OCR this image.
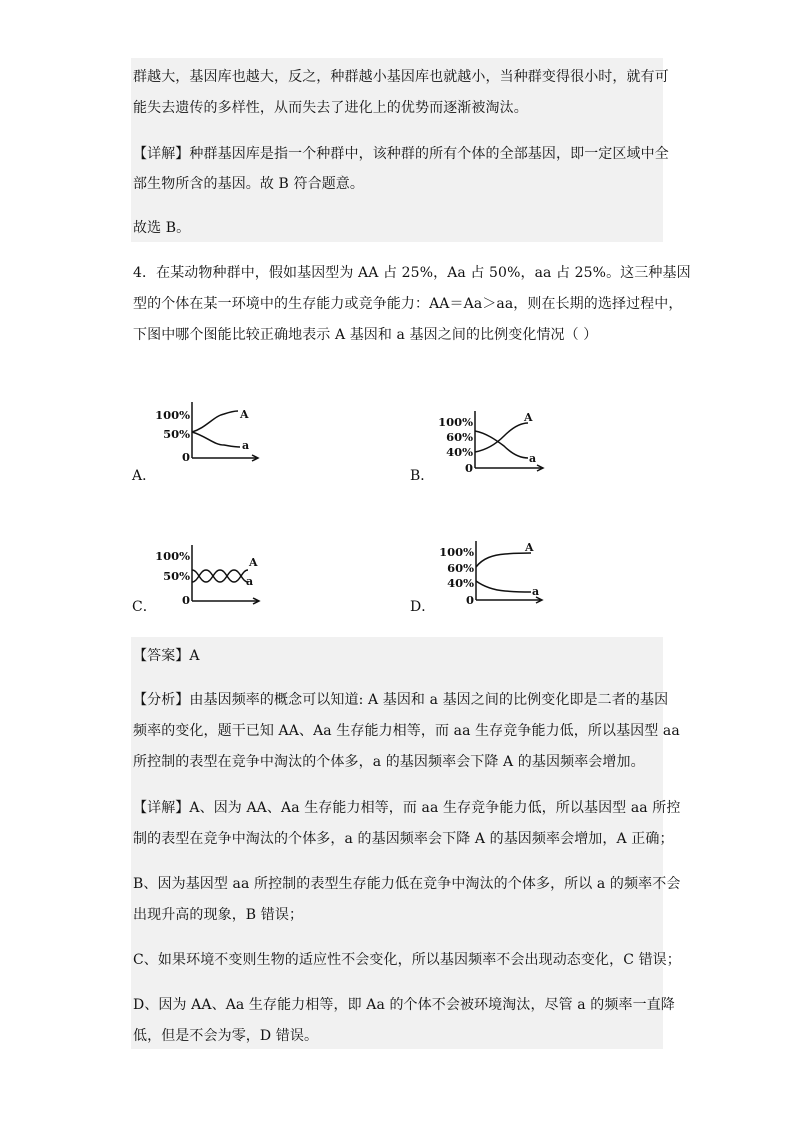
群越大，基因库也越大，反之，种群越小基因库也就越小，当种群变得很小时，就有可
能失去遗传的多样性，从而失去了进化上的优势而逐渐被淘汰。
【详解】种群基因库是指一个种群中，该种群的所有个体的全部基因，即一定区域中全
部生物所含的基因。故 B 符合题意。
故选 B。
4．在某动物种群中，假如基因型为 AA 占 25%，Aa 占 50%，aa 占 25%。这三种基因
型的个体在某一环境中的生存能力或竞争能力：AA＝Aa＞aa，则在长期的选择过程中，
下图中哪个图能比较正确地表示 A 基因和 a 基因之间的比例变化情况（ ）
100%
50%
0
A
a
A．
100%
60%
40%
0
A
a
B．
100%
50%
0
A
a
C．
100%
60%
40%
0
A
a
D．
【答案】A
【分析】由基因频率的概念可以知道: A 基因和 a 基因之间的比例变化即是二者的基因
频率的变化，题干已知 AA、Aa 生存能力相等，而 aa 生存竞争能力低，所以基因型 aa
所控制的表型在竞争中淘汰的个体多，a 的基因频率会下降 A 的基因频率会增加。
【详解】A、因为 AA、Aa 生存能力相等，而 aa 生存竞争能力低，所以基因型 aa 所控
制的表型在竞争中淘汰的个体多，a 的基因频率会下降 A 的基因频率会增加，A 正确；
B、因为基因型 aa 所控制的表型生存能力低在竞争中淘汰的个体多，所以 a 的频率不会
出现升高的现象，B 错误；
C、如果环境不变则生物的适应性不会变化，所以基因频率不会出现动态变化，C 错误；
D、因为 AA、Aa 生存能力相等，即 Aa 的个体不会被环境淘汰，尽管 a 的频率一直降
低，但是不会为零，D 错误。
